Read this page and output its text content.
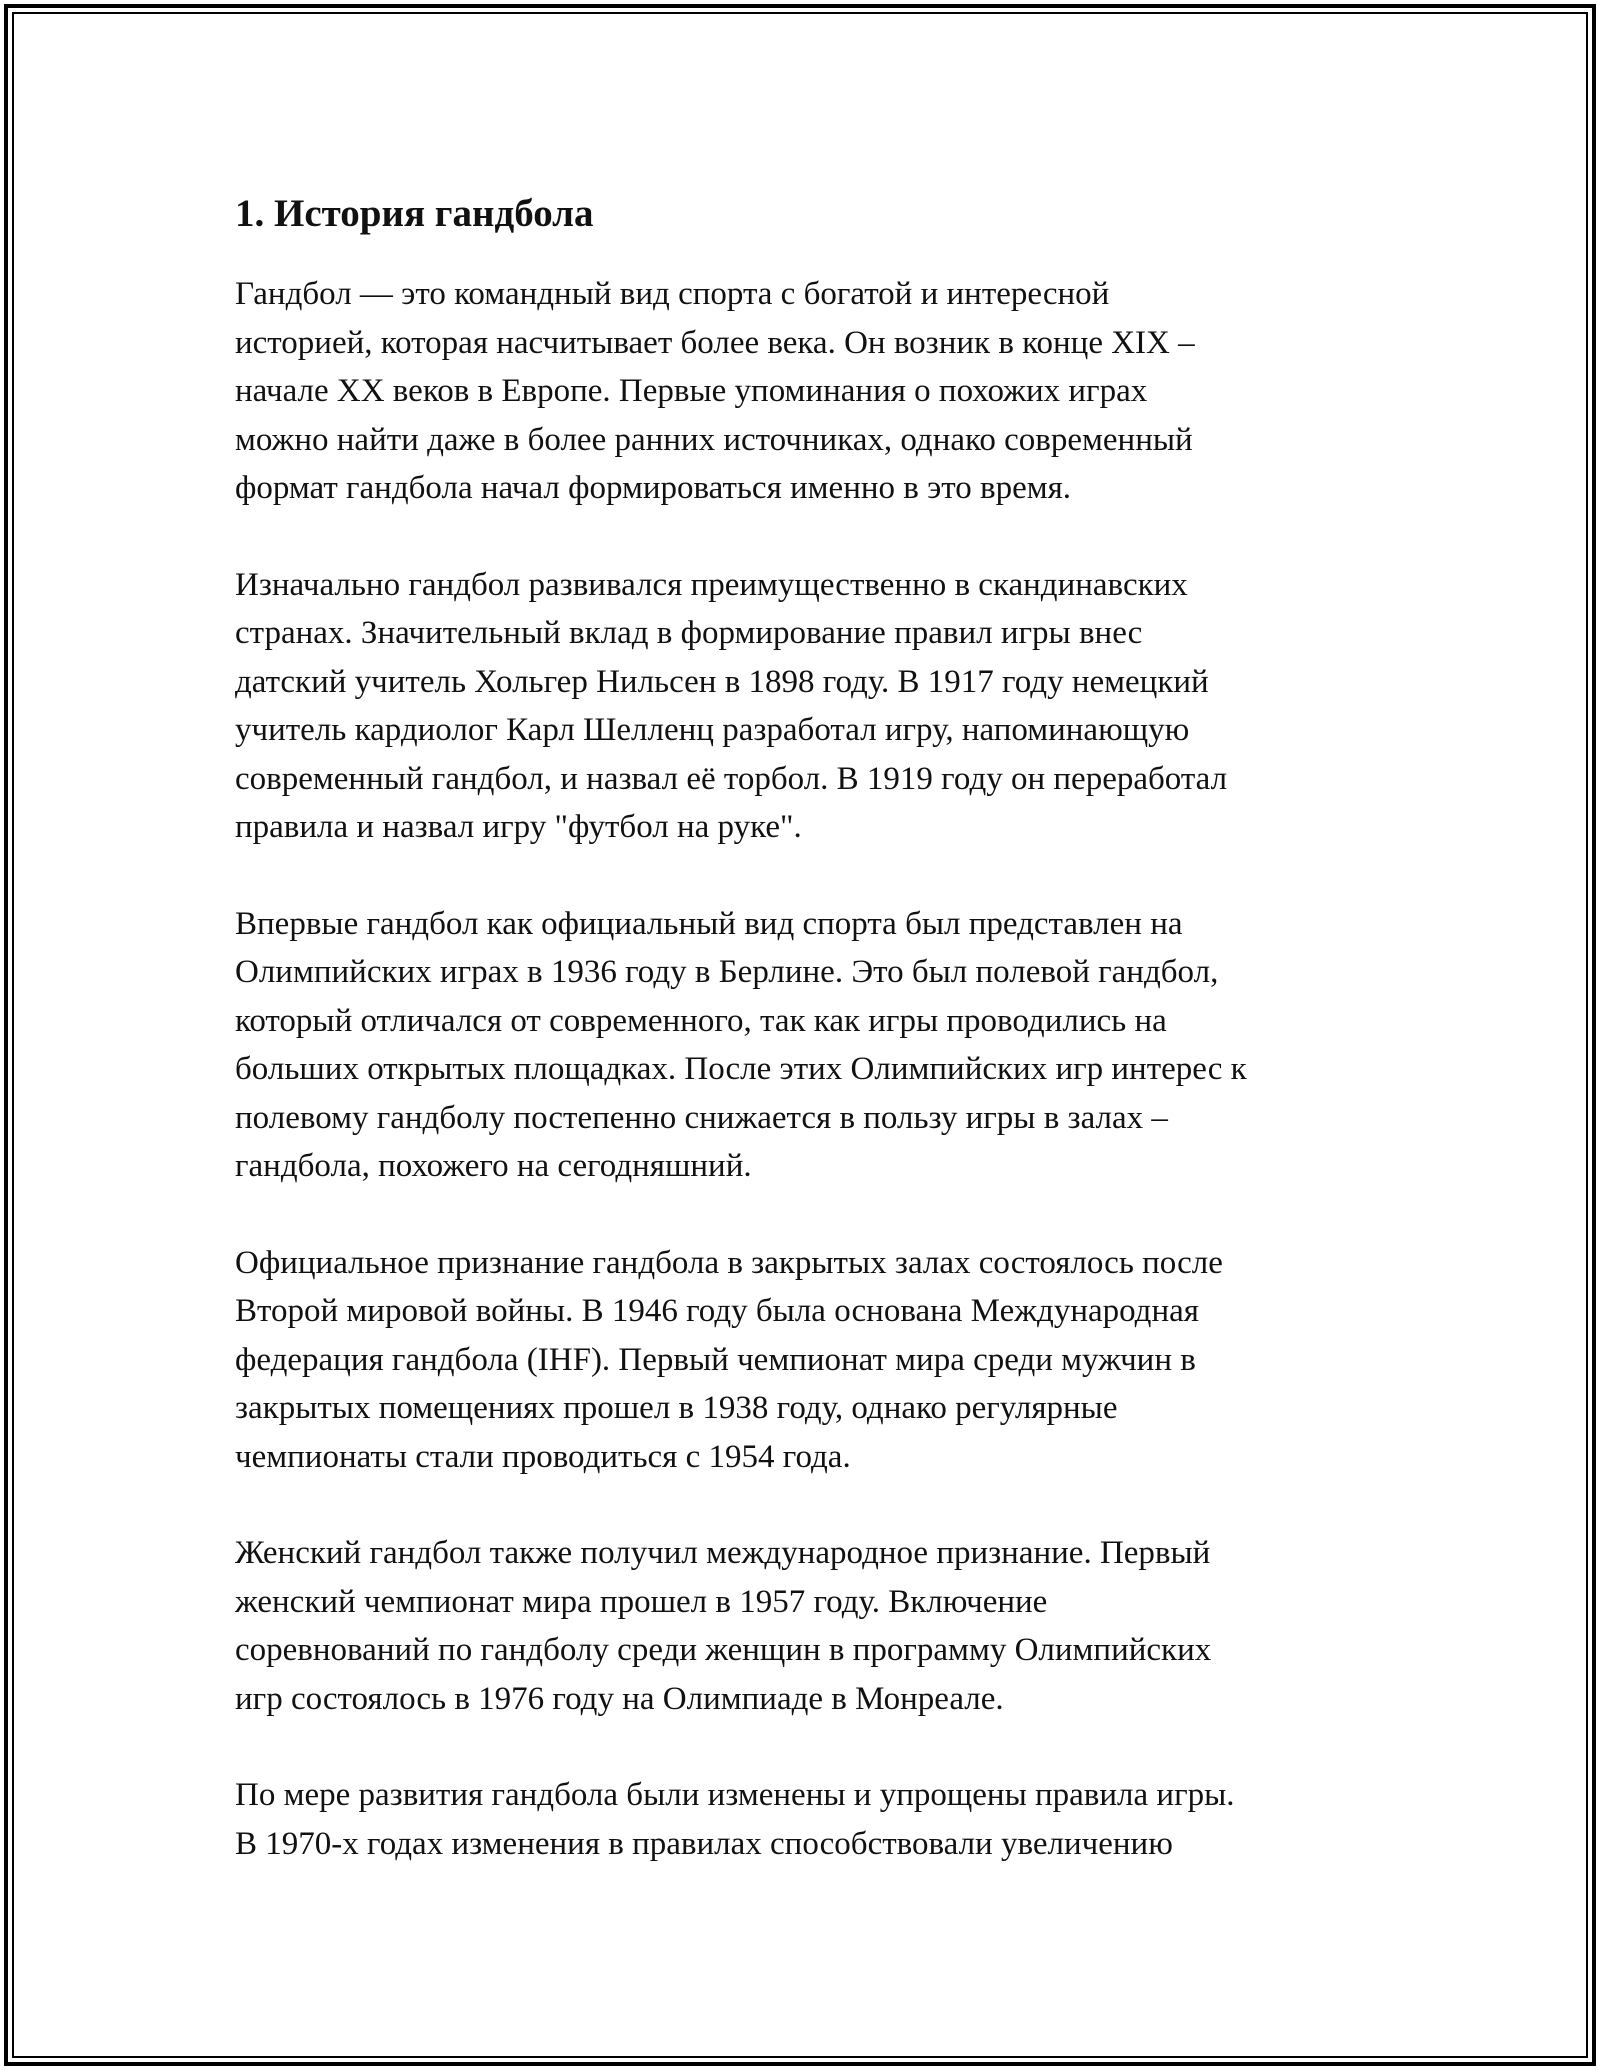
1. История гандбола
Гандбол — это командный вид спорта с богатой и интересной
историей, которая насчитывает более века. Он возник в конце XIX –
начале XX веков в Европе. Первые упоминания о похожих играх
можно найти даже в более ранних источниках, однако современный
формат гандбола начал формироваться именно в это время.
Изначально гандбол развивался преимущественно в скандинавских
странах. Значительный вклад в формирование правил игры внес
датский учитель Хольгер Нильсен в 1898 году. В 1917 году немецкий
учитель кардиолог Карл Шелленц разработал игру, напоминающую
современный гандбол, и назвал её торбол. В 1919 году он переработал
правила и назвал игру "футбол на руке".
Впервые гандбол как официальный вид спорта был представлен на
Олимпийских играх в 1936 году в Берлине. Это был полевой гандбол,
который отличался от современного, так как игры проводились на
больших открытых площадках. После этих Олимпийских игр интерес к
полевому гандболу постепенно снижается в пользу игры в залах –
гандбола, похожего на сегодняшний.
Официальное признание гандбола в закрытых залах состоялось после
Второй мировой войны. В 1946 году была основана Международная
федерация гандбола (IHF). Первый чемпионат мира среди мужчин в
закрытых помещениях прошел в 1938 году, однако регулярные
чемпионаты стали проводиться с 1954 года.
Женский гандбол также получил международное признание. Первый
женский чемпионат мира прошел в 1957 году. Включение
соревнований по гандболу среди женщин в программу Олимпийских
игр состоялось в 1976 году на Олимпиаде в Монреале.
По мере развития гандбола были изменены и упрощены правила игры.
В 1970-х годах изменения в правилах способствовали увеличению
